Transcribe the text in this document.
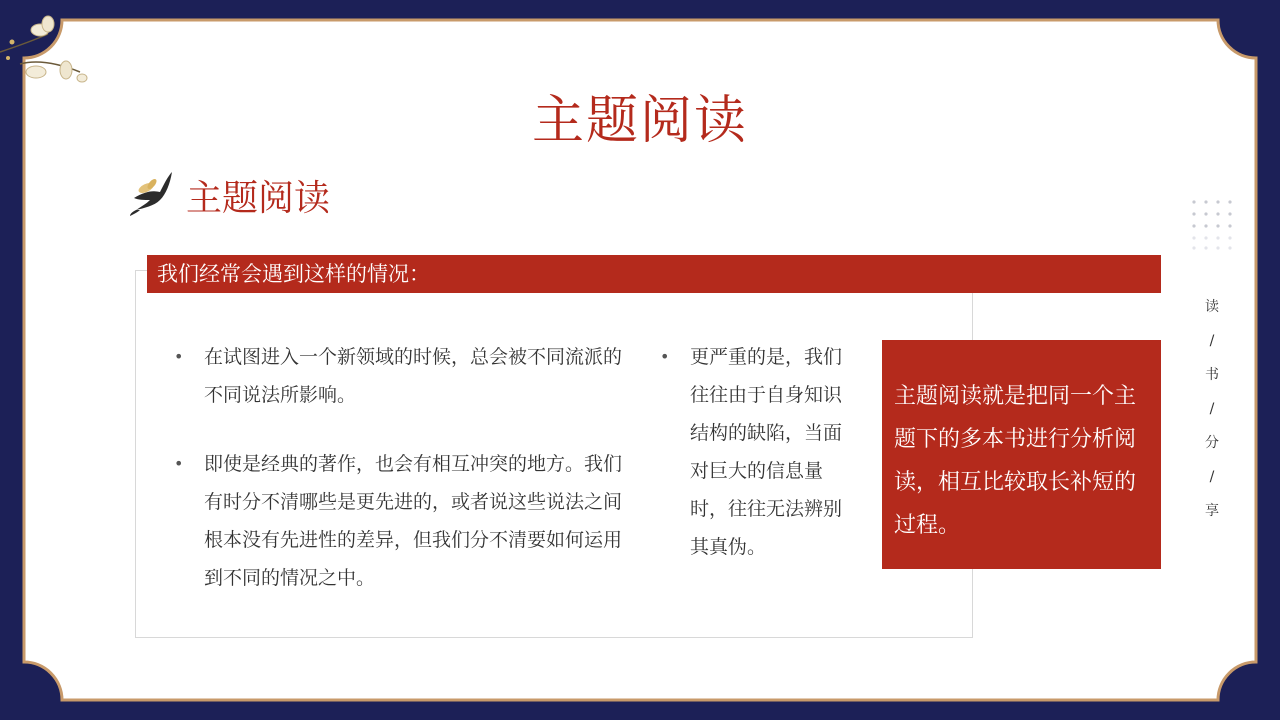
主题阅读
主题阅读
我们经常会遇到这样的情况：
• 在试图进入一个新领域的时候，总会被不同流派的不同说法所影响。
• 即使是经典的著作，也会有相互冲突的地方。我们有时分不清哪些是更先进的，或者说这些说法之间根本没有先进性的差异，但我们分不清要如何运用到不同的情况之中。
• 更严重的是，我们往往由于自身知识结构的缺陷，当面对巨大的信息量时，往往无法辨别其真伪。
主题阅读就是把同一个主题下的多本书进行分析阅读，相互比较取长补短的过程。
读
/
书
/
分
/
享
